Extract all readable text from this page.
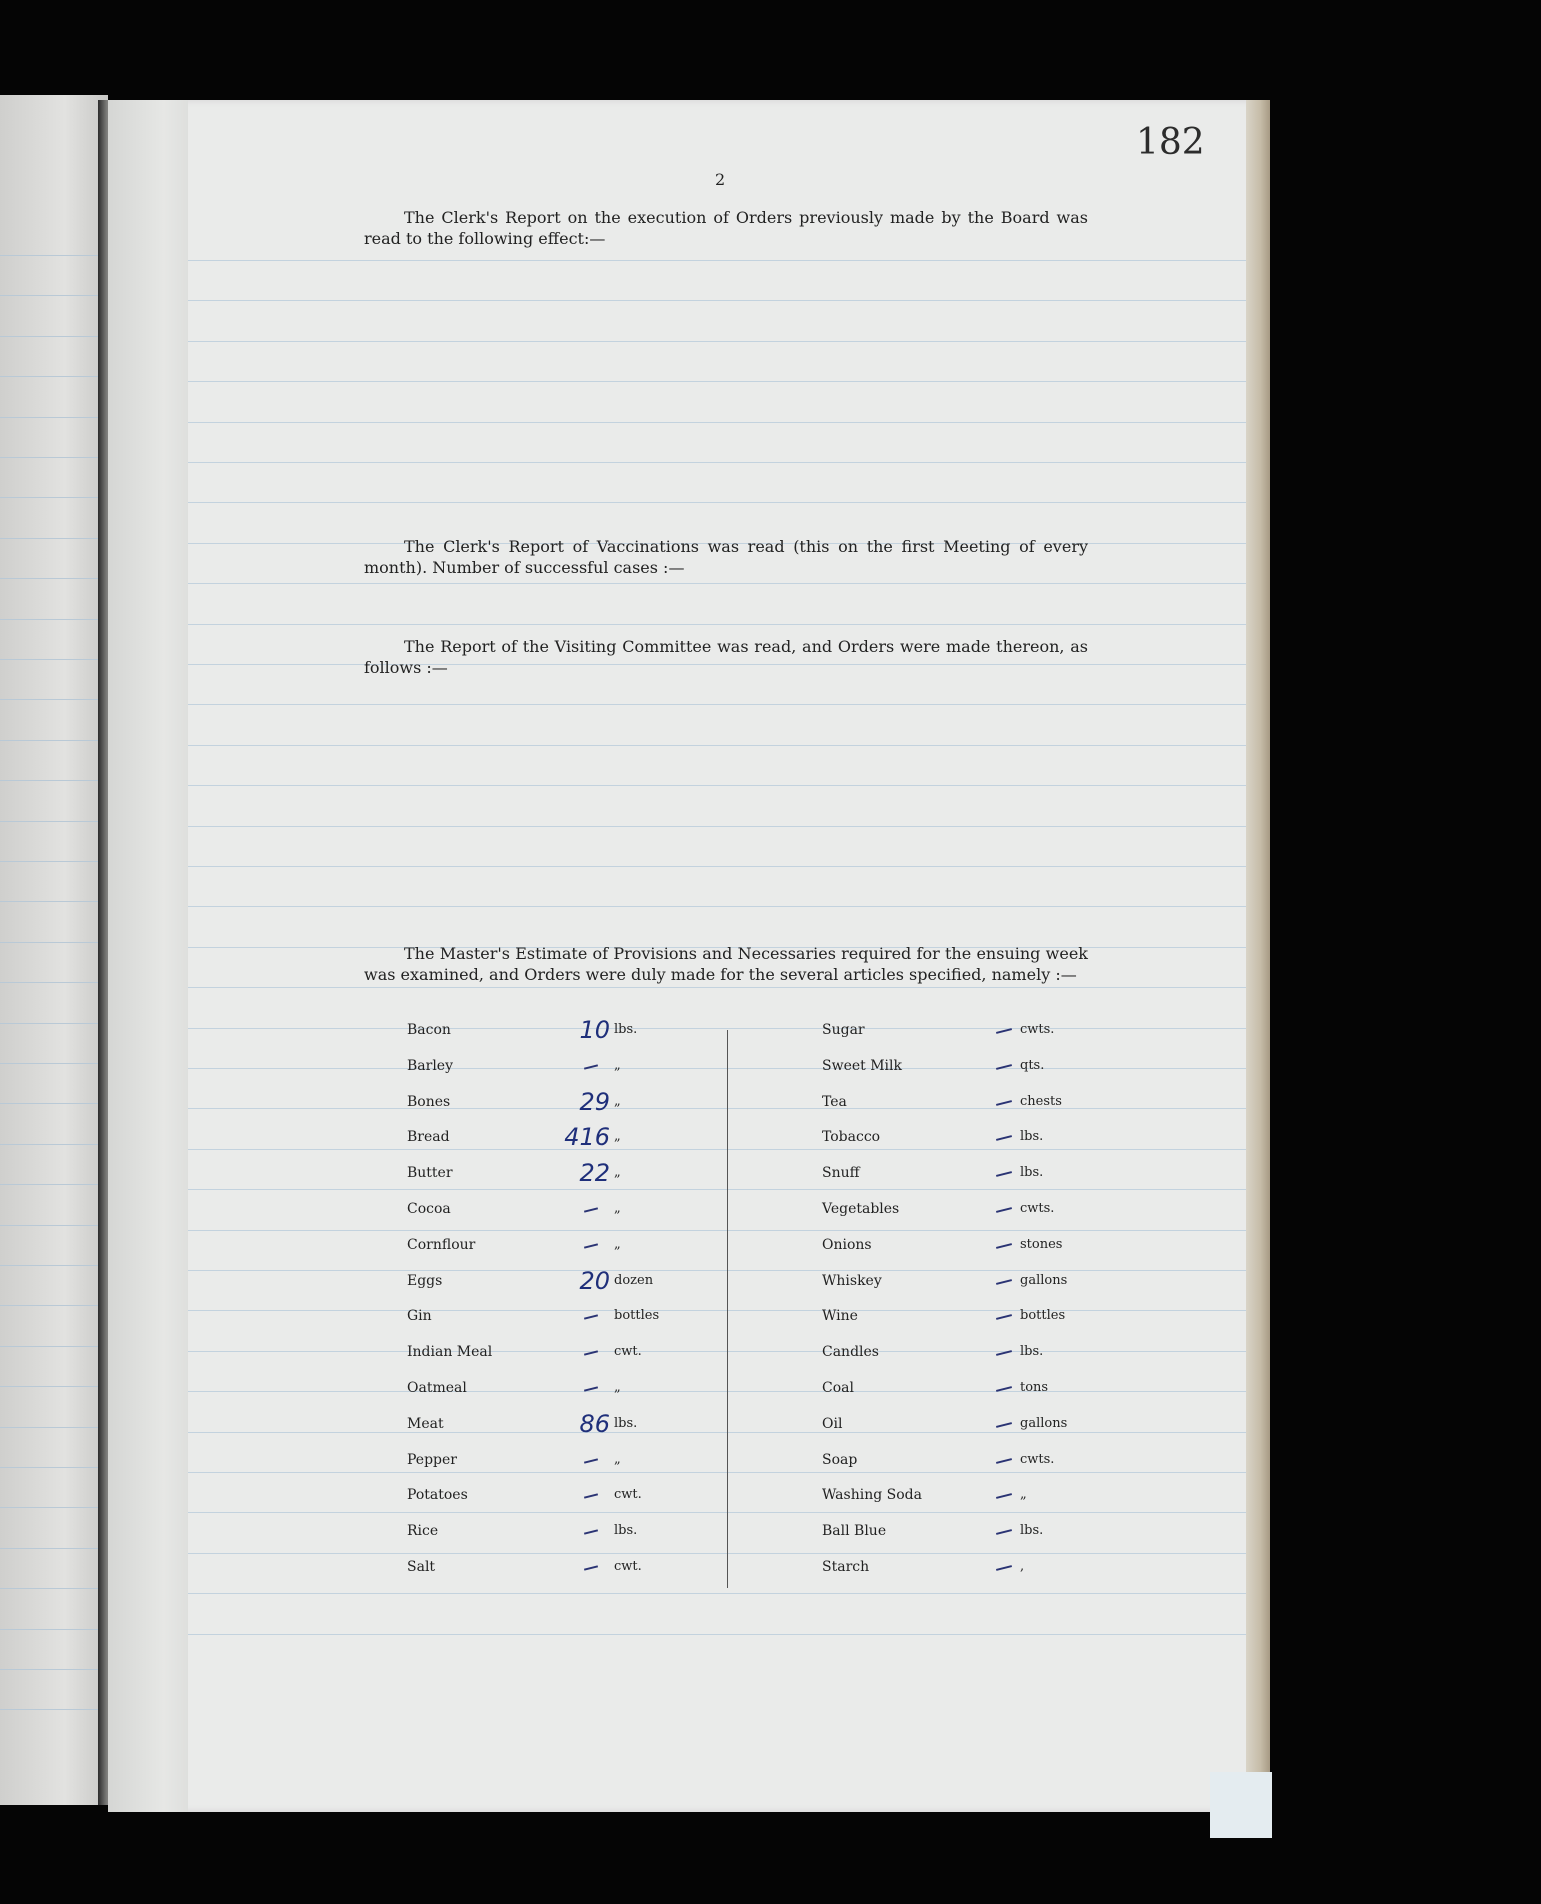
182
2
The Clerk's Report on the execution of Orders previously made by the Board was read to the following effect:—
The Clerk's Report of Vaccinations was read (this on the first Meeting of every month). Number of successful cases :—
The Report of the Visiting Committee was read, and Orders were made thereon, as follows :—
The Master's Estimate of Provisions and Necessaries required for the ensuing week was examined, and Orders were duly made for the several articles specified, namely :—
Bacon	10 lbs.
Barley	„
Bones	29 „
Bread	416 „
Butter	22 „
Cocoa	„
Cornflour	„
Eggs	20 dozen
Gin	bottles
Indian Meal	cwt.
Oatmeal	„
Meat	86 lbs.
Pepper	„
Potatoes	cwt.
Rice	lbs.
Salt	cwt.
Sugar	cwts.
Sweet Milk	qts.
Tea	chests
Tobacco	lbs.
Snuff	lbs.
Vegetables	cwts.
Onions	stones
Whiskey	gallons
Wine	bottles
Candles	lbs.
Coal	tons
Oil	gallons
Soap	cwts.
Washing Soda	„
Ball Blue	lbs.
Starch	,
